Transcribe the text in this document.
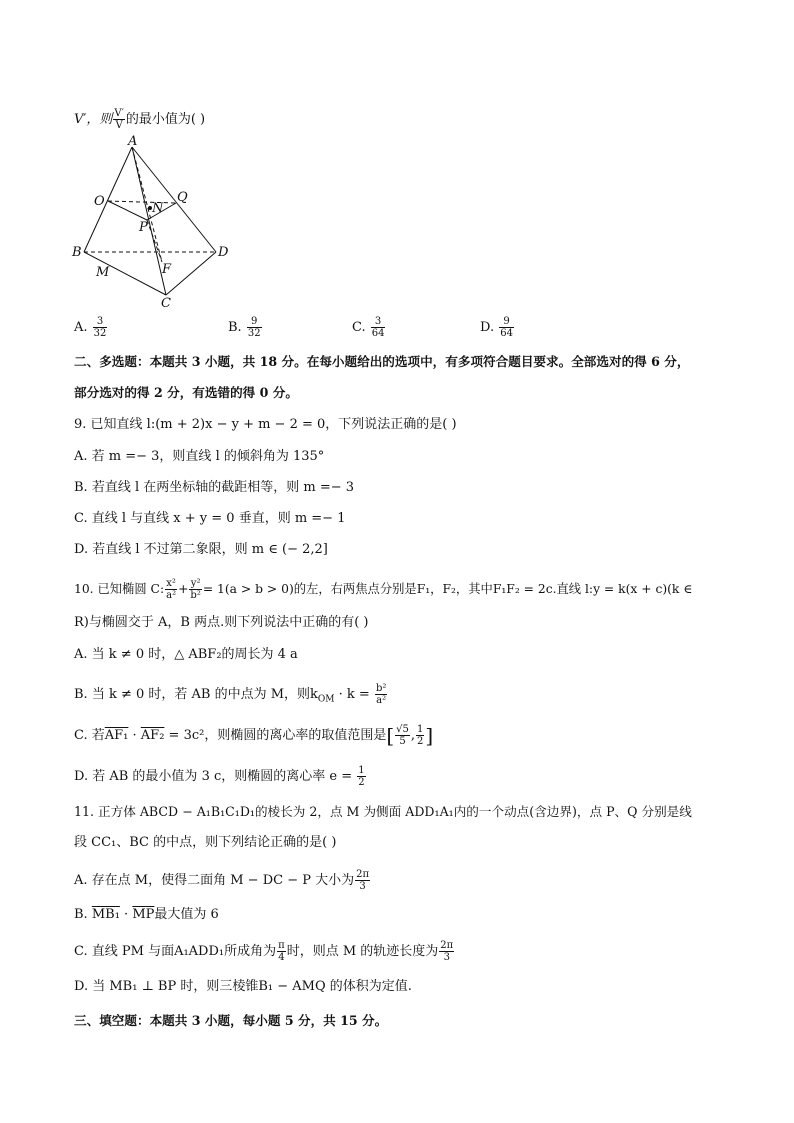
V′，则 $\frac{V'}{V}$ 的最小值为( )
A
O	Q
N
P
B	D
M	F
C
A. $\frac{3}{32}$	B. $\frac{9}{32}$	C. $\frac{3}{64}$	D. $\frac{9}{64}$
二、多选题：本题共 3 小题，共 18 分。在每小题给出的选项中，有多项符合题目要求。全部选对的得 6 分，
部分选对的得 2 分，有选错的得 0 分。
9. 已知直线 l:(m + 2)x − y + m − 2 = 0，下列说法正确的是( )
A. 若 m =− 3，则直线 l 的倾斜角为 135°
B. 若直线 l 在两坐标轴的截距相等，则 m =− 3
C. 直线 l 与直线 x + y = 0 垂直，则 m =− 1
D. 若直线 l 不过第二象限，则 m ∈ (− 2,2]
10. 已知椭圆 C: $\frac{\text{x²}}{\text{a²}} + \frac{\text{y²}}{\text{b²}} = 1(a > b > 0)$的左，右两焦点分别是F₁，F₂，其中F₁F₂ = 2c.直线 l:y = k(x + c)(k ∈
R)与椭圆交于 A，B 两点.则下列说法中正确的有( )
A. 当 k ≠ 0 时，△ ABF₂的周长为 4 a
B. 当 k ≠ 0 时，若 AB 的中点为 M，则$k_{OM} \cdot k = \frac{\text{b²}}{\text{a²}}$
C. 若AF₁ · AF₂ = 3c²，则椭圆的离心率的取值范围是[ $\frac{√5}{5}$ , $\frac{1}{2}$ ]
D. 若 AB 的最小值为 3 c，则椭圆的离心率 $e = \frac{1}{2}$
11. 正方体 ABCD − A₁B₁C₁D₁的棱长为 2，点 M 为侧面 ADD₁A₁内的一个动点(含边界)，点 P、Q 分别是线
段 CC₁、BC 的中点，则下列结论正确的是( )
A. 存在点 M，使得二面角 M − DC − P 大小为 $\frac{2\pi}{3}$
B. $MB_1 \cdot \overline{MP}$最大值为 6
C. 直线 PM 与面A₁ADD₁所成角为 $\frac{\pi}{4}$ 时，则点 M 的轨迹长度为 $\frac{2\pi}{3}$
D. 当 MB₁ ⊥ BP 时，则三棱锥B₁ − AMQ 的体积为定值.
三、填空题：本题共 3 小题，每小题 5 分，共 15 分。
